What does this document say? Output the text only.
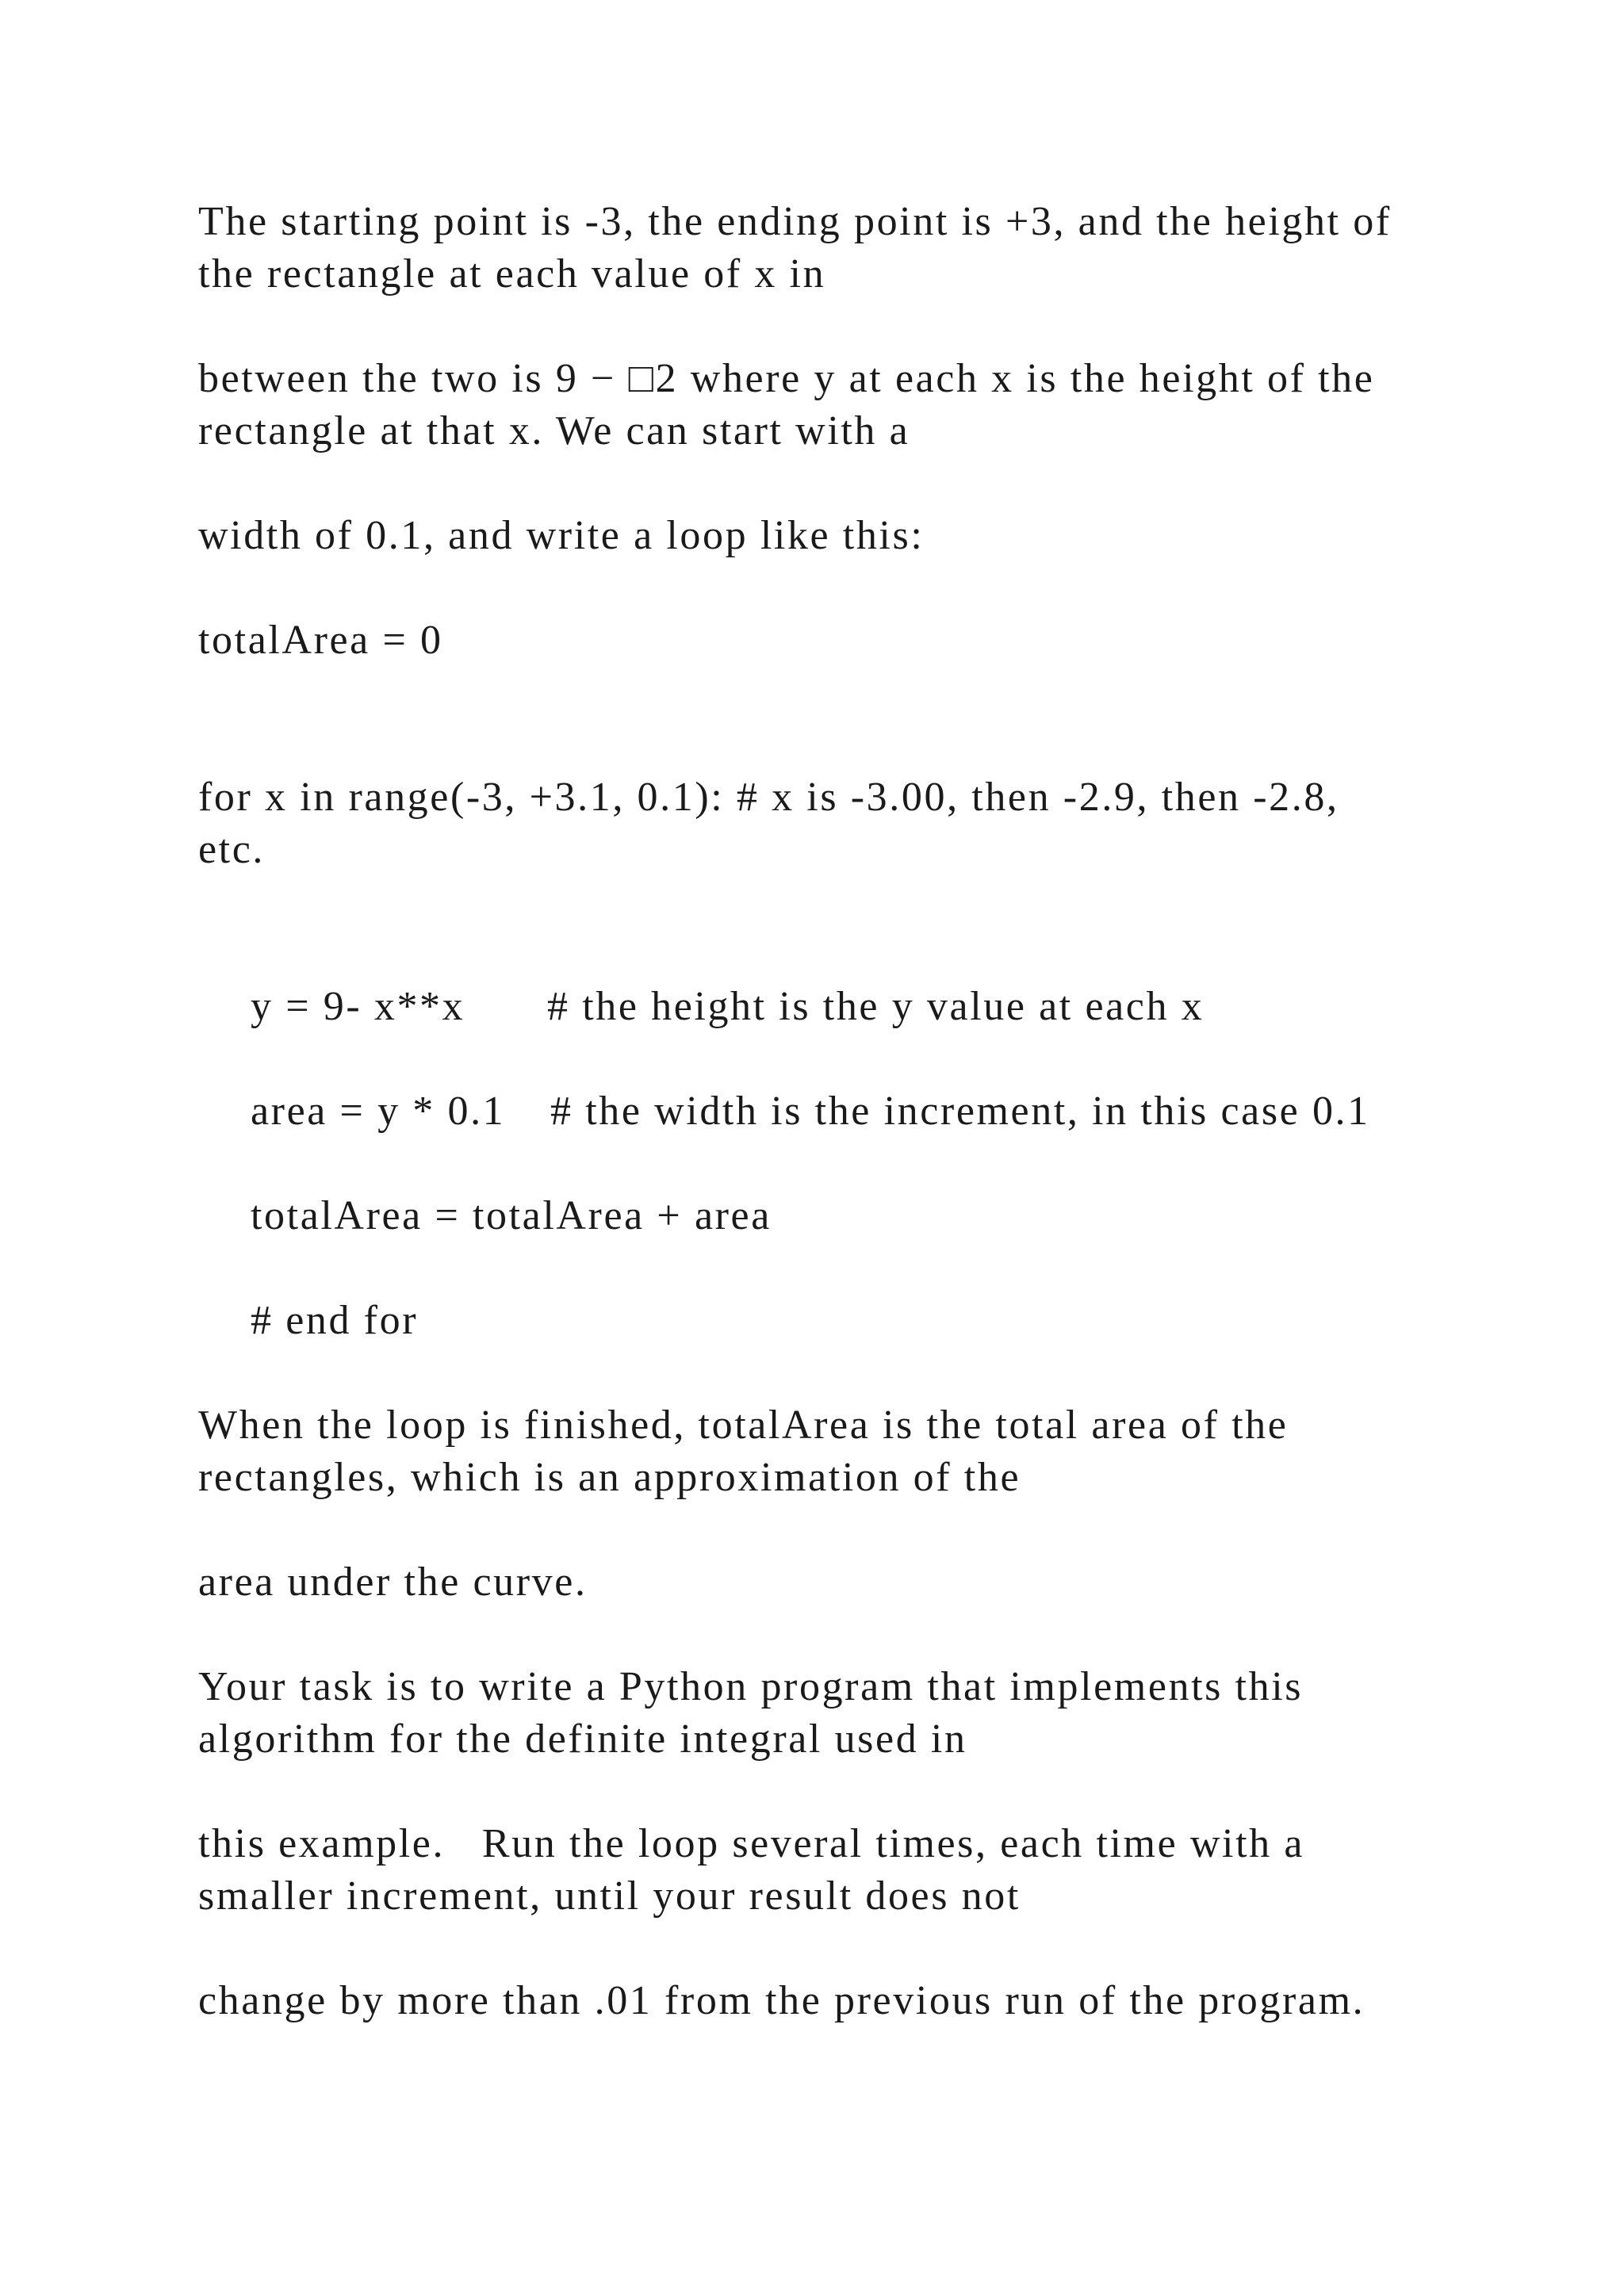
The starting point is -3, the ending point is +3, and the height of

the rectangle at each value of x in

between the two is 9 − □2 where y at each x is the height of the

rectangle at that x. We can start with a

width of 0.1, and write a loop like this:

totalArea = 0

for x in range(-3, +3.1, 0.1): # x is -3.00, then -2.9, then -2.8,

etc.

y = 9- x**x # the height is the y value at each x

area = y * 0.1 # the width is the increment, in this case 0.1

totalArea = totalArea + area

# end for

When the loop is finished, totalArea is the total area of the

rectangles, which is an approximation of the

area under the curve.

Your task is to write a Python program that implements this

algorithm for the definite integral used in

this example.   Run the loop several times, each time with a

smaller increment, until your result does not

change by more than .01 from the previous run of the program.
